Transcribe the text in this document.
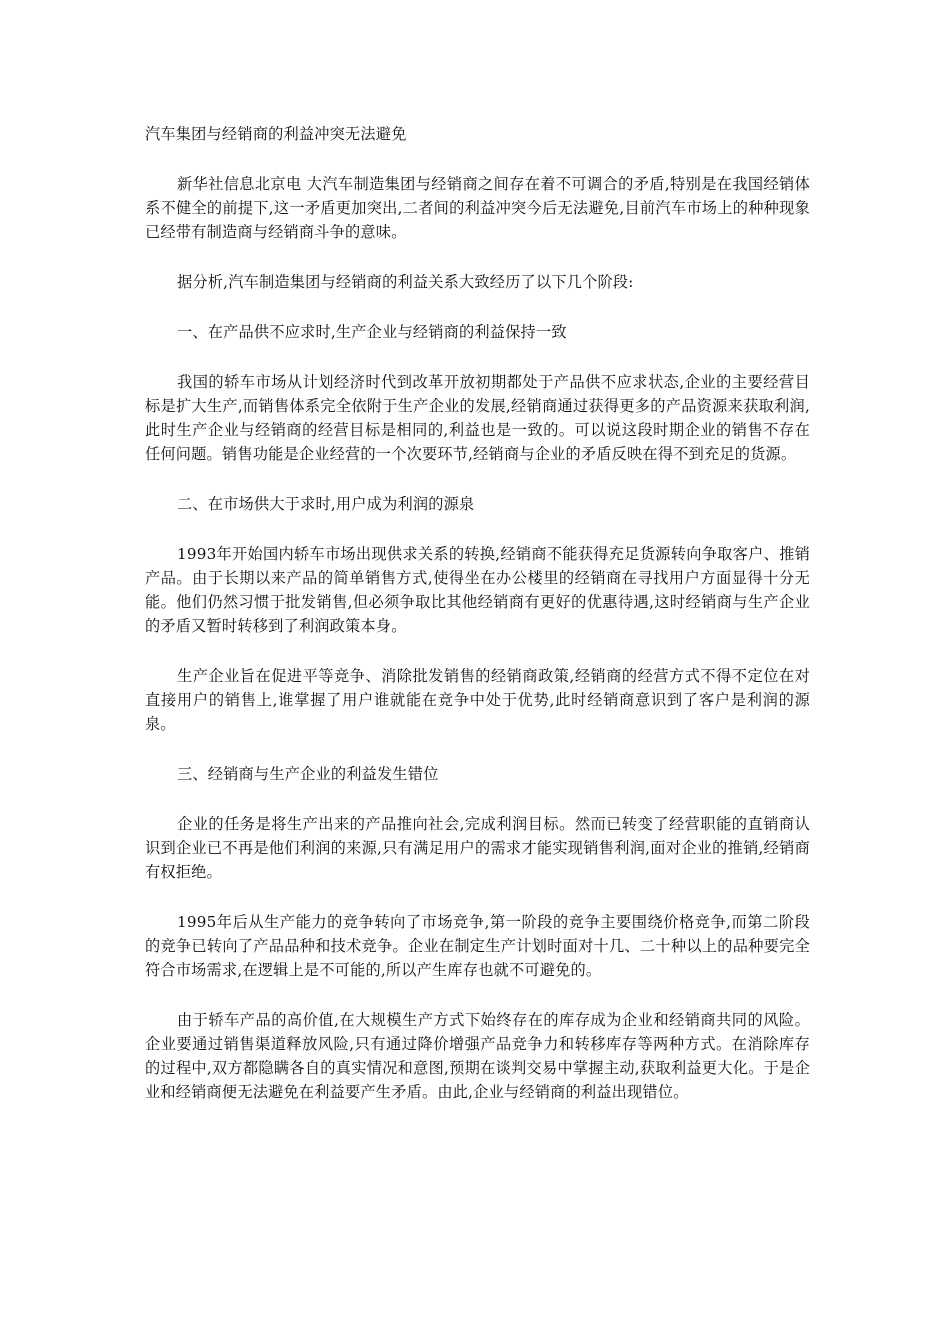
汽车集团与经销商的利益冲突无法避免

新华社信息北京电 大汽车制造集团与经销商之间存在着不可调合的矛盾,特别是在我国经销体系不健全的前提下,这一矛盾更加突出,二者间的利益冲突今后无法避免,目前汽车市场上的种种现象已经带有制造商与经销商斗争的意味。

据分析,汽车制造集团与经销商的利益关系大致经历了以下几个阶段:

一、在产品供不应求时,生产企业与经销商的利益保持一致

我国的轿车市场从计划经济时代到改革开放初期都处于产品供不应求状态,企业的主要经营目标是扩大生产,而销售体系完全依附于生产企业的发展,经销商通过获得更多的产品资源来获取利润,此时生产企业与经销商的经营目标是相同的,利益也是一致的。可以说这段时期企业的销售不存在任何问题。销售功能是企业经营的一个次要环节,经销商与企业的矛盾反映在得不到充足的货源。

二、在市场供大于求时,用户成为利润的源泉

1993年开始国内轿车市场出现供求关系的转换,经销商不能获得充足货源转向争取客户、推销产品。由于长期以来产品的简单销售方式,使得坐在办公楼里的经销商在寻找用户方面显得十分无能。他们仍然习惯于批发销售,但必须争取比其他经销商有更好的优惠待遇,这时经销商与生产企业的矛盾又暂时转移到了利润政策本身。

生产企业旨在促进平等竞争、消除批发销售的经销商政策,经销商的经营方式不得不定位在对直接用户的销售上,谁掌握了用户谁就能在竞争中处于优势,此时经销商意识到了客户是利润的源泉。

三、经销商与生产企业的利益发生错位

企业的任务是将生产出来的产品推向社会,完成利润目标。然而已转变了经营职能的直销商认识到企业已不再是他们利润的来源,只有满足用户的需求才能实现销售利润,面对企业的推销,经销商有权拒绝。

1995年后从生产能力的竞争转向了市场竞争,第一阶段的竞争主要围绕价格竞争,而第二阶段的竞争已转向了产品品种和技术竞争。企业在制定生产计划时面对十几、二十种以上的品种要完全符合市场需求,在逻辑上是不可能的,所以产生库存也就不可避免的。

由于轿车产品的高价值,在大规模生产方式下始终存在的库存成为企业和经销商共同的风险。企业要通过销售渠道释放风险,只有通过降价增强产品竞争力和转移库存等两种方式。在消除库存的过程中,双方都隐瞒各自的真实情况和意图,预期在谈判交易中掌握主动,获取利益更大化。于是企业和经销商便无法避免在利益要产生矛盾。由此,企业与经销商的利益出现错位。
